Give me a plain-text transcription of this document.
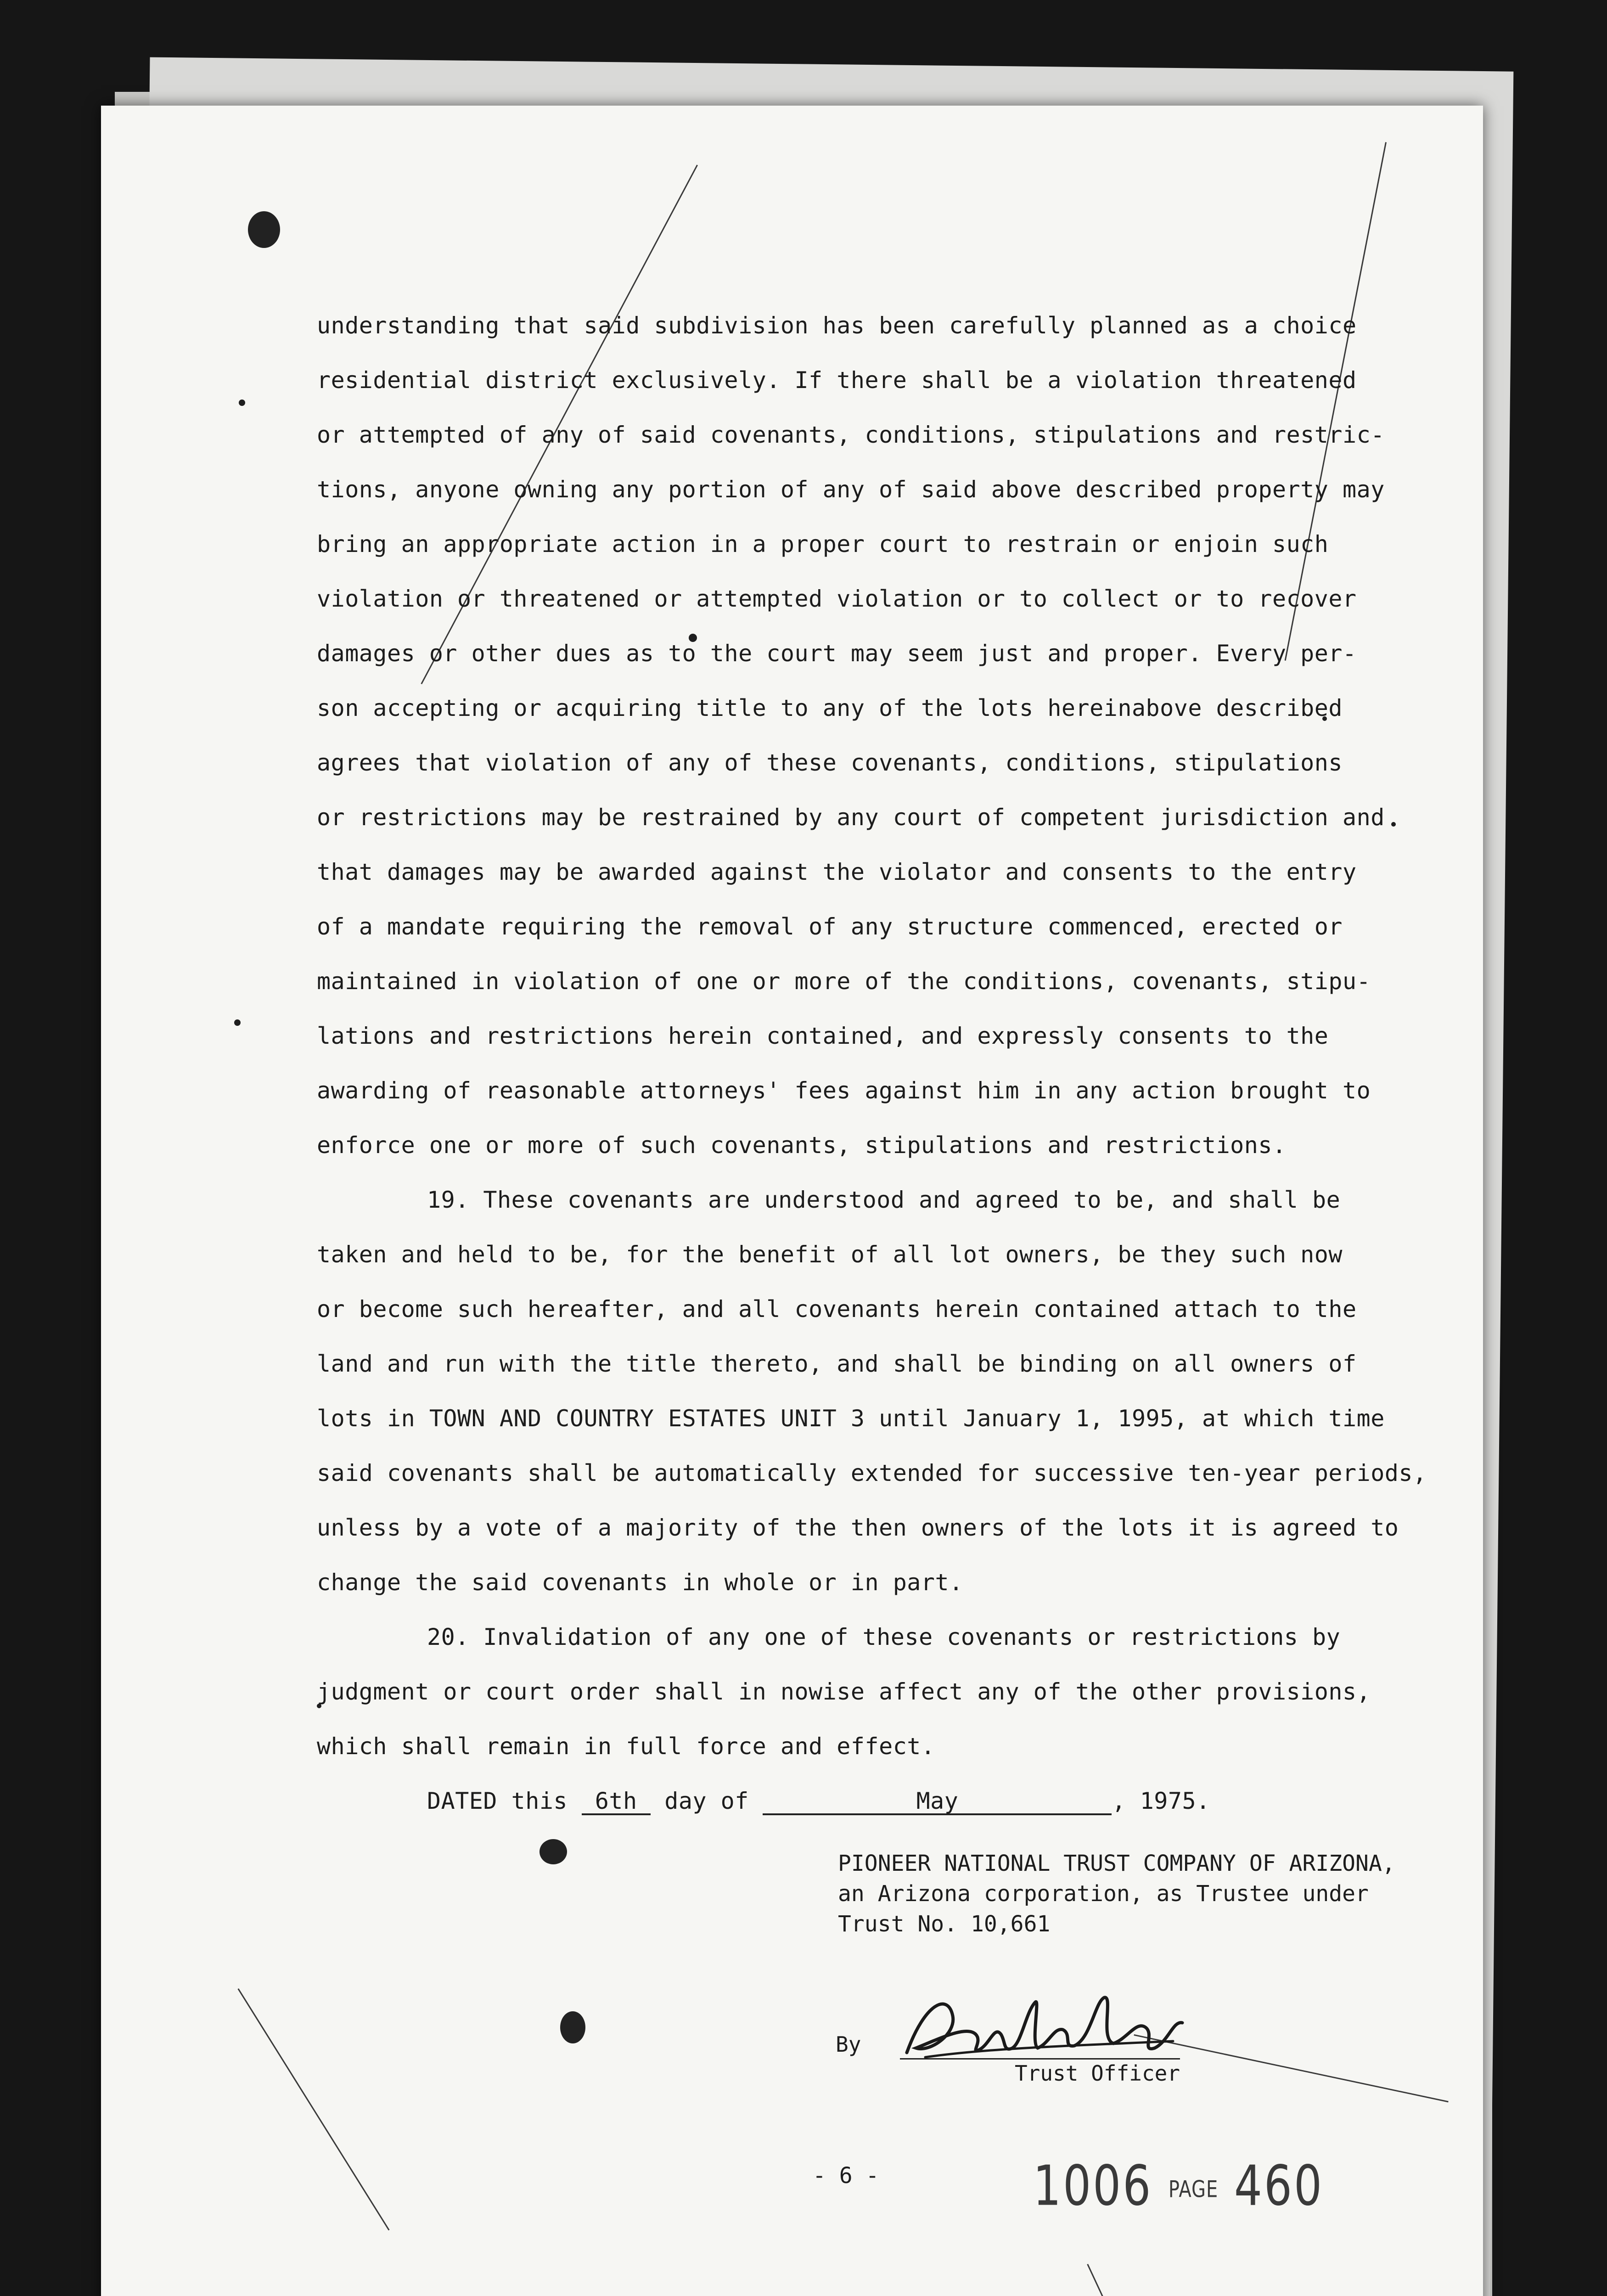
understanding that said subdivision has been carefully planned as a choice
residential district exclusively. If there shall be a violation threatened
or attempted of any of said covenants, conditions, stipulations and restric-
tions, anyone owning any portion of any of said above described property may
bring an appropriate action in a proper court to restrain or enjoin such
violation or threatened or attempted violation or to collect or to recover
damages or other dues as to the court may seem just and proper. Every per-
son accepting or acquiring title to any of the lots hereinabove described
agrees that violation of any of these covenants, conditions, stipulations
or restrictions may be restrained by any court of competent jurisdiction and
that damages may be awarded against the violator and consents to the entry
of a mandate requiring the removal of any structure commenced, erected or
maintained in violation of one or more of the conditions, covenants, stipu-
lations and restrictions herein contained, and expressly consents to the
awarding of reasonable attorneys' fees against him in any action brought to
enforce one or more of such covenants, stipulations and restrictions.
19. These covenants are understood and agreed to be, and shall be
taken and held to be, for the benefit of all lot owners, be they such now
or become such hereafter, and all covenants herein contained attach to the
land and run with the title thereto, and shall be binding on all owners of
lots in TOWN AND COUNTRY ESTATES UNIT 3 until January 1, 1995, at which time
said covenants shall be automatically extended for successive ten-year periods,
unless by a vote of a majority of the then owners of the lots it is agreed to
change the said covenants in whole or in part.
20. Invalidation of any one of these covenants or restrictions by
judgment or court order shall in nowise affect any of the other provisions,
which shall remain in full force and effect.
DATED this 6th day of	May	, 1975.
PIONEER NATIONAL TRUST COMPANY OF ARIZONA,
an Arizona corporation, as Trustee under
Trust No. 10,661
By
Trust Officer
- 6 -	1006 PAGE 460
